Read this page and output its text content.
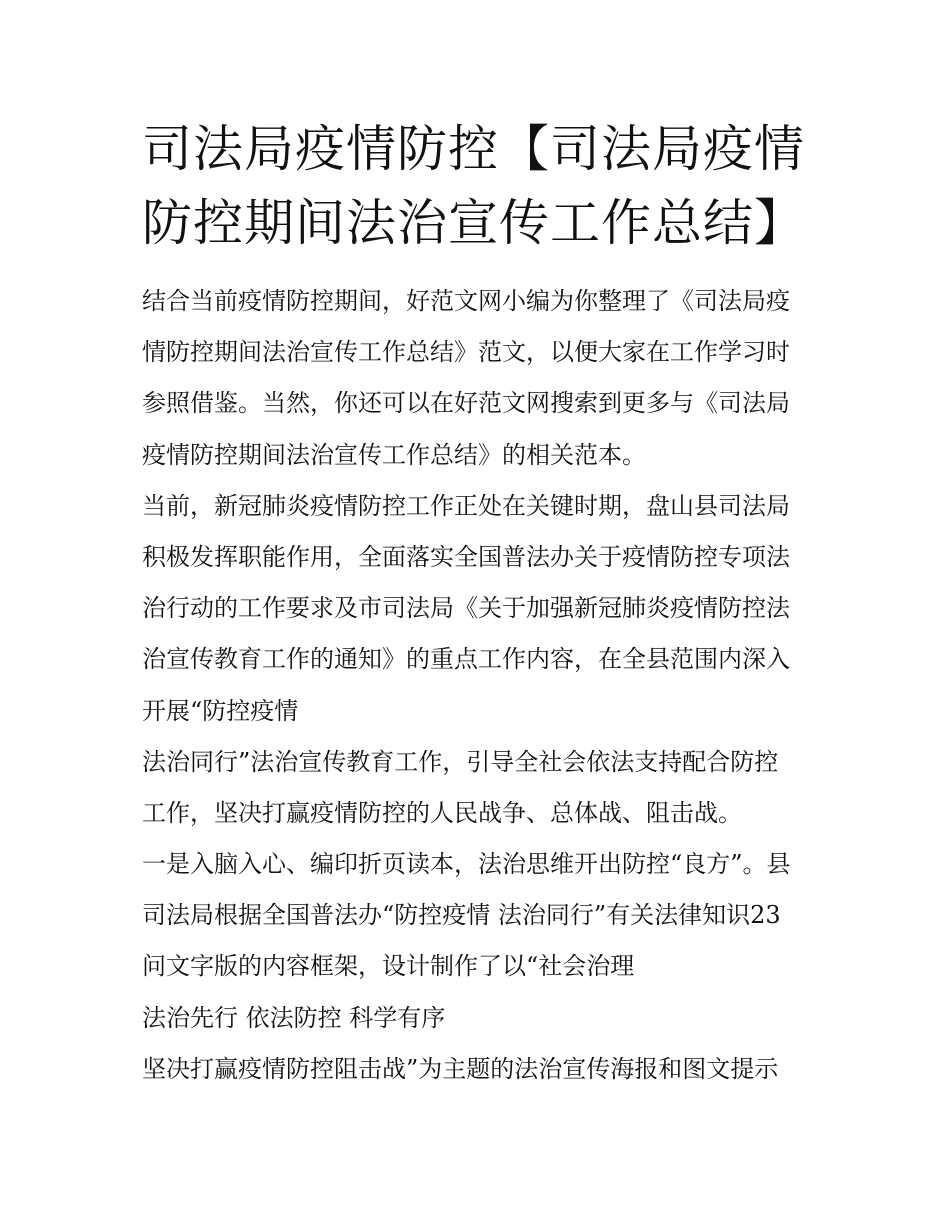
司法局疫情防控【司法局疫情
防控期间法治宣传工作总结】

结合当前疫情防控期间，好范文网小编为你整理了《司法局疫

情防控期间法治宣传工作总结》范文，以便大家在工作学习时

参照借鉴。当然，你还可以在好范文网搜索到更多与《司法局

疫情防控期间法治宣传工作总结》的相关范本。

当前，新冠肺炎疫情防控工作正处在关键时期，盘山县司法局

积极发挥职能作用，全面落实全国普法办关于疫情防控专项法

治行动的工作要求及市司法局《关于加强新冠肺炎疫情防控法

治宣传教育工作的通知》的重点工作内容，在全县范围内深入

开展“防控疫情

法治同行”法治宣传教育工作，引导全社会依法支持配合防控

工作，坚决打赢疫情防控的人民战争、总体战、阻击战。

一是入脑入心、编印折页读本，法治思维开出防控“良方”。县

司法局根据全国普法办“防控疫情 法治同行”有关法律知识23

问文字版的内容框架，设计制作了以“社会治理

法治先行 依法防控 科学有序

坚决打赢疫情防控阻击战”为主题的法治宣传海报和图文提示
